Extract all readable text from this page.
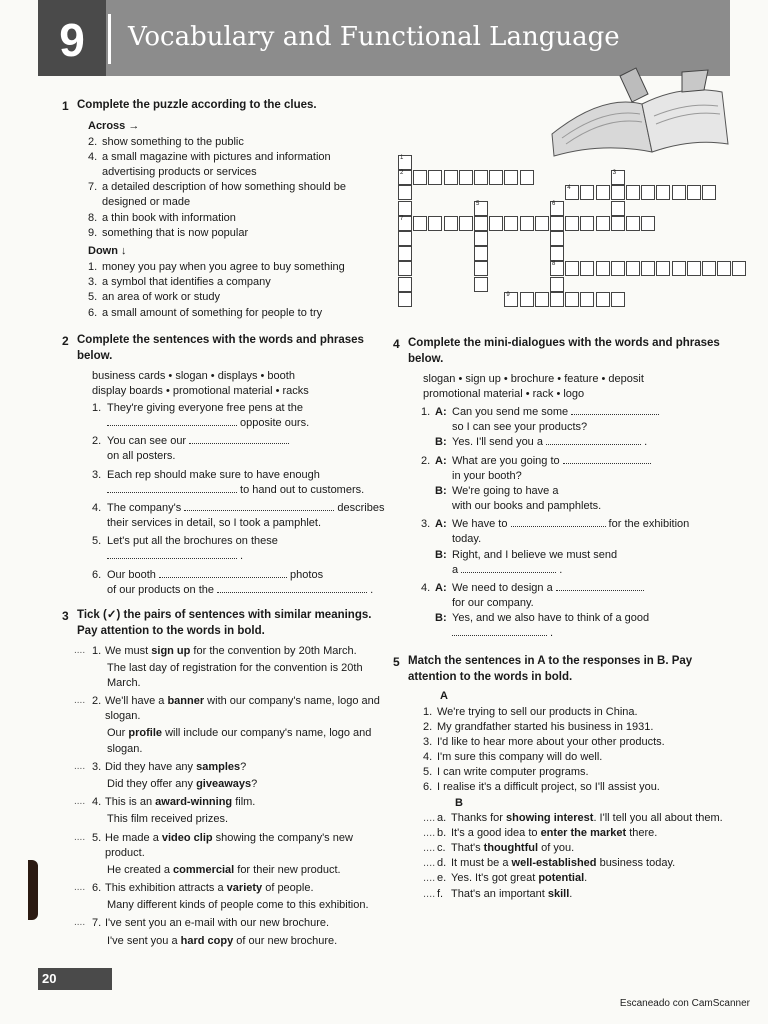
9	Vocabulary and Functional Language
1 Complete the puzzle according to the clues.
Across →
2. show something to the public
4. a small magazine with pictures and information advertising products or services
7. a detailed description of how something should be designed or made
8. a thin book with information
9. something that is now popular
Down ↓
1. money you pay when you agree to buy something
3. a symbol that identifies a company
5. an area of work or study
6. a small amount of something for people to try
2 Complete the sentences with the words and phrases below.
business cards • slogan • displays • booth
display boards • promotional material • racks
1. They're giving everyone free pens at the
opposite ours.
2. You can see our
on all posters.
3. Each rep should make sure to have enough
to hand out to customers.
4. The company's	describes
their services in detail, so I took a pamphlet.
5. Let's put all the brochures on these
.
6. Our booth	photos
of our products on the	.
3 Tick (✓) the pairs of sentences with similar meanings. Pay attention to the words in bold.
.... 1. We must sign up for the convention by 20th March.
The last day of registration for the convention is 20th March.
.... 2. We'll have a banner with our company's name, logo and slogan.
Our profile will include our company's name, logo and slogan.
.... 3. Did they have any samples?
Did they offer any giveaways?
.... 4. This is an award-winning film.
This film received prizes.
.... 5. He made a video clip showing the company's new product.
He created a commercial for their new product.
.... 6. This exhibition attracts a variety of people.
Many different kinds of people come to this exhibition.
.... 7. I've sent you an e-mail with our new brochure.
I've sent you a hard copy of our new brochure.
1
2	3
4
5	6
7
8
9
4 Complete the mini-dialogues with the words and phrases below.
slogan • sign up • brochure • feature • deposit
promotional material • rack • logo
1. A: Can you send me some
so I can see your products?
B: Yes. I'll send you a	.
2. A: What are you going to
in your booth?
B: We're going to have a
with our books and pamphlets.
3. A: We have to	for the exhibition
today.
B: Right, and I believe we must send
a	.
4. A: We need to design a
for our company.
B: Yes, and we also have to think of a good
.
5 Match the sentences in A to the responses in B. Pay attention to the words in bold.
A
1. We're trying to sell our products in China.
2. My grandfather started his business in 1931.
3. I'd like to hear more about your other products.
4. I'm sure this company will do well.
5. I can write computer programs.
6. I realise it's a difficult project, so I'll assist you.
B
.... a. Thanks for showing interest. I'll tell you all about them.
.... b. It's a good idea to enter the market there.
.... c. That's thoughtful of you.
.... d. It must be a well-established business today.
.... e. Yes. It's got great potential.
.... f. That's an important skill.
20
Escaneado con CamScanner
